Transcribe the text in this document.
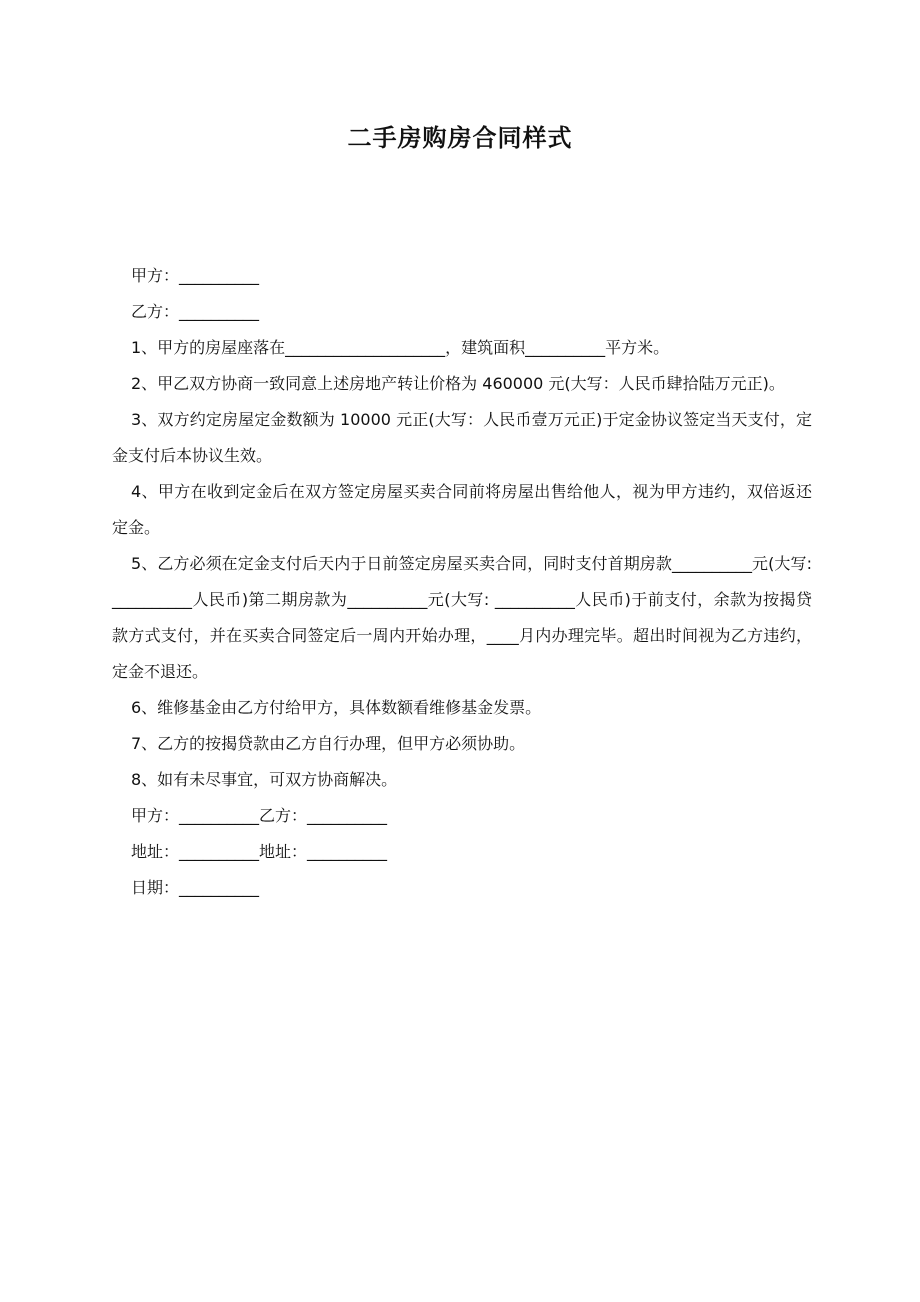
二手房购房合同样式

甲方：__________

乙方：__________

1、甲方的房屋座落在____________________，建筑面积__________平方米。

2、甲乙双方协商一致同意上述房地产转让价格为 460000 元(大写：人民币肆拾陆万元正)。

3、双方约定房屋定金数额为 10000 元正(大写：人民币壹万元正)于定金协议签定当天支付，定金支付后本协议生效。

4、甲方在收到定金后在双方签定房屋买卖合同前将房屋出售给他人，视为甲方违约，双倍返还定金。

5、乙方必须在定金支付后天内于日前签定房屋买卖合同，同时支付首期房款__________元(大写: __________人民币)第二期房款为__________元(大写: __________人民币)于前支付，余款为按揭贷款方式支付，并在买卖合同签定后一周内开始办理，____月内办理完毕。超出时间视为乙方违约，定金不退还。

6、维修基金由乙方付给甲方，具体数额看维修基金发票。

7、乙方的按揭贷款由乙方自行办理，但甲方必须协助。

8、如有未尽事宜，可双方协商解决。

甲方：__________乙方：__________

地址：__________地址：__________

日期：__________
